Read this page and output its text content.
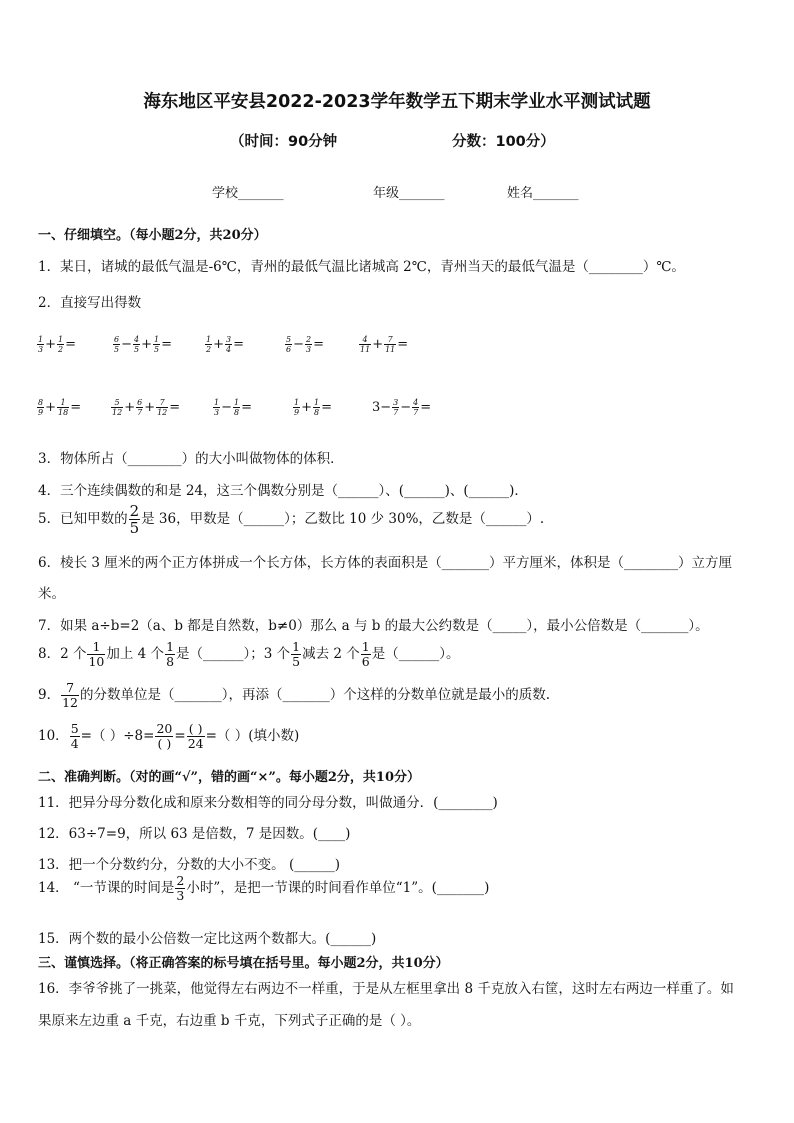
海东地区平安县2022-2023学年数学五下期末学业水平测试试题
（时间：90分钟	分数：100分）
学校_______	年级_______	姓名_______
一、仔细填空。（每小题2分，共20分）
1．某日，诸城的最低气温是-6℃，青州的最低气温比诸城高 2℃，青州当天的最低气温是（________）℃。
2．直接写出得数
$\frac{1}{3} + \frac{1}{2}$ =	$\frac{6}{5} - \frac{4}{5} + \frac{1}{5}$ =	$\frac{1}{2} + \frac{3}{4}$ =	$\frac{5}{6} - \frac{2}{3}$ =	$\frac{4}{11} + \frac{7}{11}$ =
$\frac{8}{9} + \frac{1}{18}$ =	$\frac{5}{12} + \frac{6}{7} + \frac{7}{12}$ =	$\frac{1}{3} - \frac{1}{8}$ =	$\frac{1}{9} + \frac{1}{8}$ =	$3- \frac{3}{7} - \frac{4}{7}$ =
3．物体所占（________）的大小叫做物体的体积．
4．三个连续偶数的和是 24，这三个偶数分别是（______）、(______)、(______)．
5．已知甲数的 $\frac{2}{5}$ 是 36，甲数是（______）；乙数比 10 少 30%，乙数是（______）.
6．棱长 3 厘米的两个正方体拼成一个长方体，长方体的表面积是（_______）平方厘米，体积是（________）立方厘
米。
7．如果 a÷b=2（a、b 都是自然数，b≠0）那么 a 与 b 的最大公约数是（_____），最小公倍数是（_______）。
8．2 个 $\frac{1}{10}$ 加上 4 个 $\frac{1}{8}$ 是（______）；3 个 $\frac{1}{5}$ 减去 2 个 $\frac{1}{6}$ 是（______）。
9． $\frac{7}{12}$ 的分数单位是（_______），再添（_______）个这样的分数单位就是最小的质数.
10． $\frac{5}{4}$ =（ ）÷8= 20
( ) = ( )
24 =（ ）(填小数)
二、准确判断。（对的画“√”，错的画“×”。每小题2分，共10分）
11．把异分母分数化成和原来分数相等的同分母分数，叫做通分．(________)
12．63÷7=9，所以 63 是倍数，7 是因数。(____)
13．把一个分数约分，分数的大小不变。 (______)
14． “一节课的时间是 $\frac{2}{3}$ 小时”，是把一节课的时间看作单位“1”。(_______)
15．两个数的最小公倍数一定比这两个数都大。(______)
三、谨慎选择。（将正确答案的标号填在括号里。每小题2分，共10分）
16．李爷爷挑了一挑菜，他觉得左右两边不一样重，于是从左框里拿出 8 千克放入右筐，这时左右两边一样重了。如
果原来左边重 a 千克，右边重 b 千克，下列式子正确的是（ ）。
